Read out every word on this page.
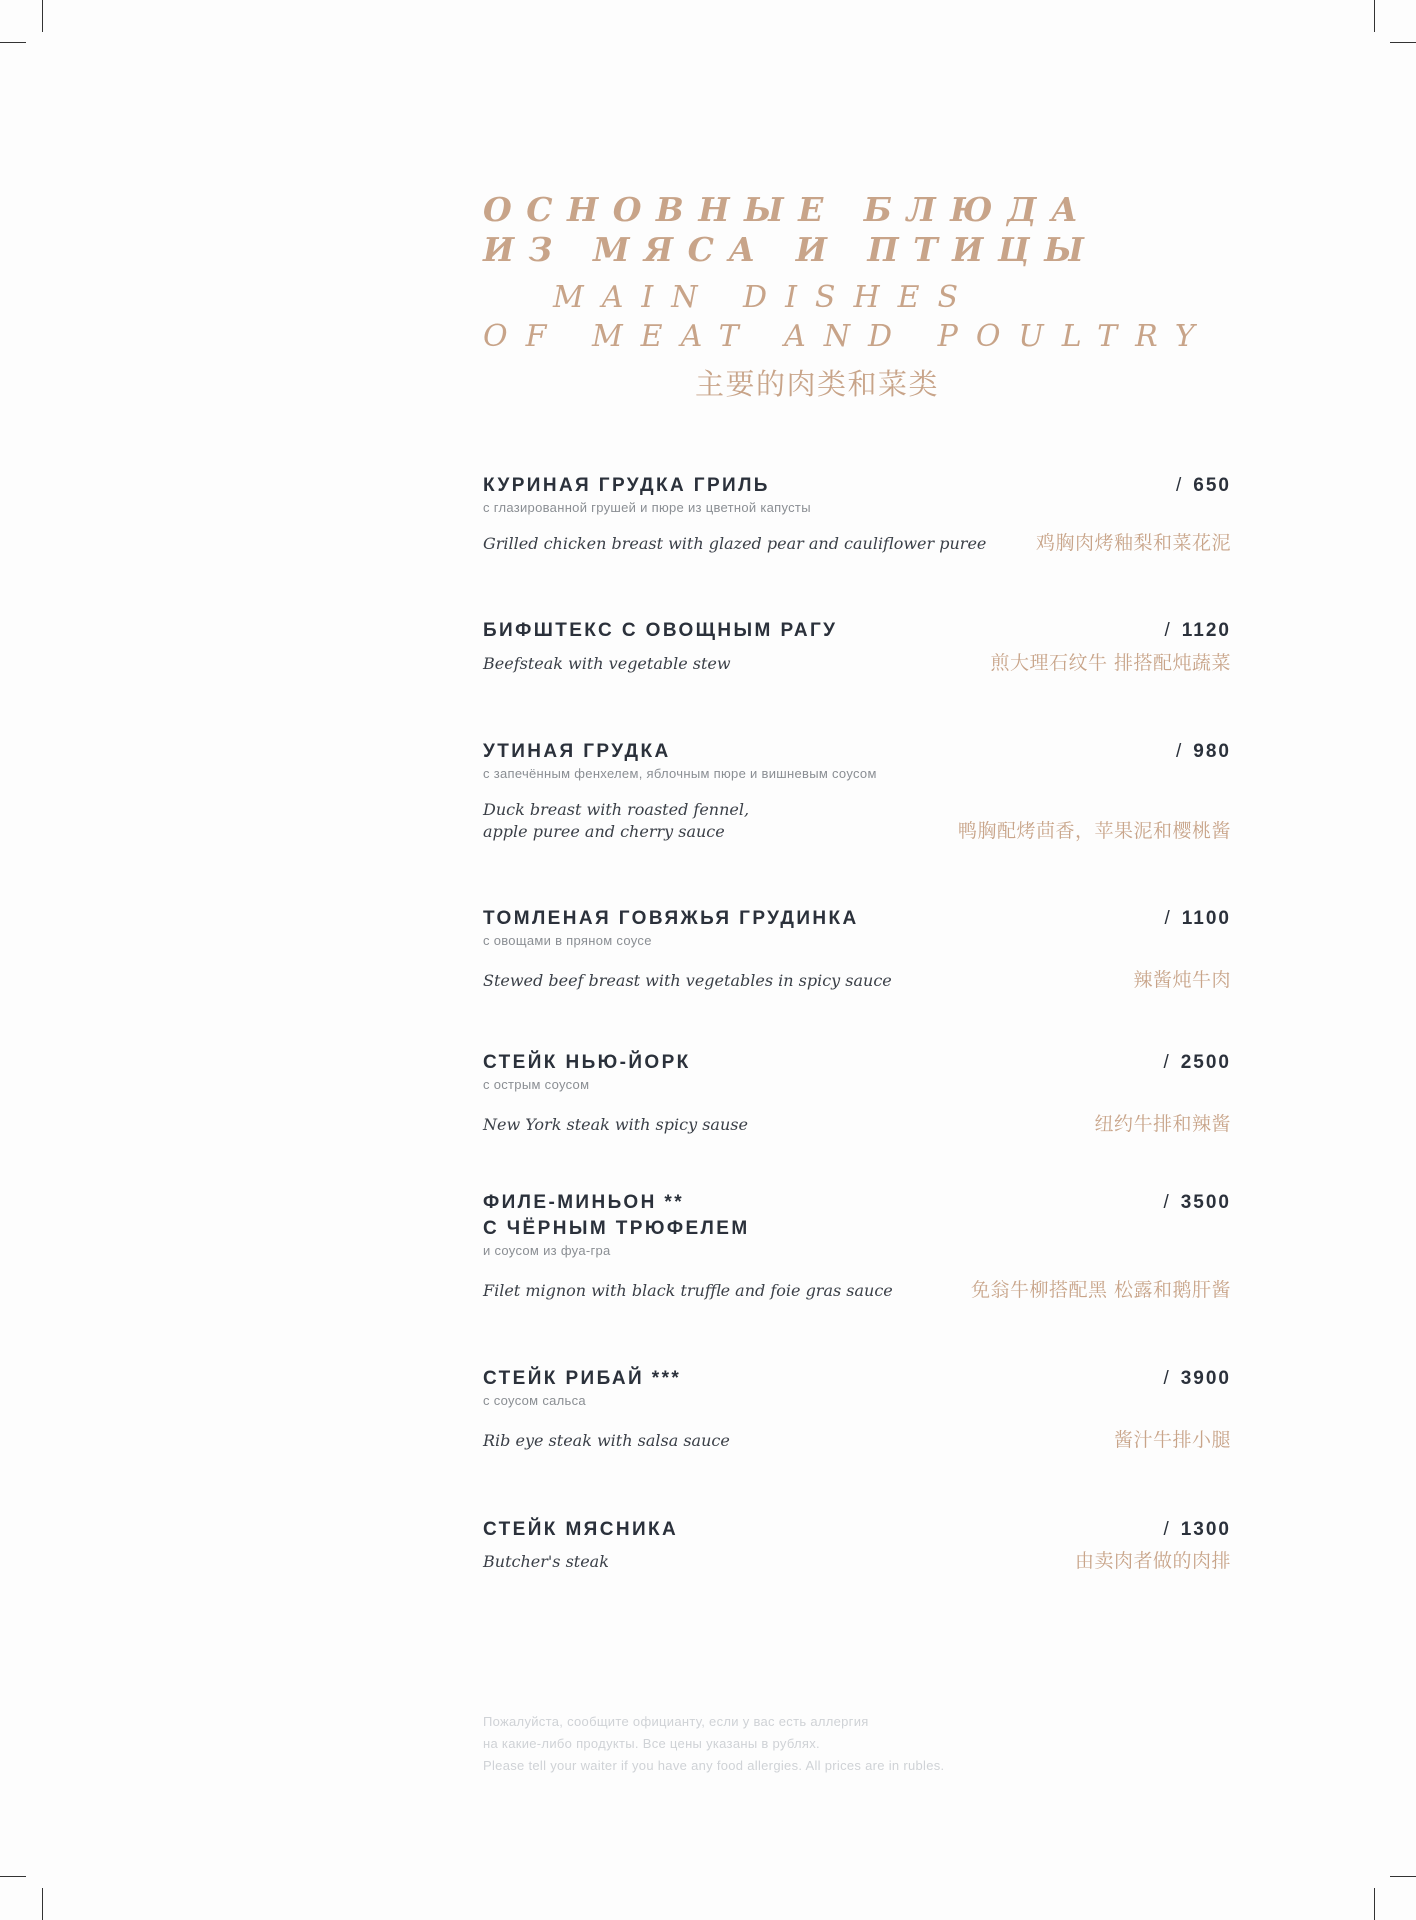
ОСНОВНЫЕ БЛЮДА
ИЗ МЯСА И ПТИЦЫ

MAIN DISHES
OF MEAT AND POULTRY

主要的肉类和菜类
КУРИНАЯ ГРУДКА ГРИЛЬ	/ 650
с глазированной грушей и пюре из цветной капусты
Grilled chicken breast with glazed pear and cauliflower puree	鸡胸肉烤釉梨和菜花泥
БИФШТЕКС С ОВОЩНЫМ РАГУ	/ 1120
Beefsteak with vegetable stew	煎大理石纹牛 排搭配炖蔬菜
УТИНАЯ ГРУДКА	/ 980
с запечённым фенхелем, яблочным пюре и вишневым соусом
Duck breast with roasted fennel,
apple puree and cherry sauce	鸭胸配烤茴香，苹果泥和樱桃酱
ТОМЛЕНАЯ ГОВЯЖЬЯ ГРУДИНКА	/ 1100
с овощами в пряном соусе
Stewed beef breast with vegetables in spicy sauce	辣酱炖牛肉
СТЕЙК НЬЮ-ЙОРК	/ 2500
с острым соусом
New York steak with spicy sause	纽约牛排和辣酱
ФИЛЕ-МИНЬОН **
С ЧЁРНЫМ ТРЮФЕЛЕМ
/ 3500
и соусом из фуа-гра
Filet mignon with black truffle and foie gras sauce	免翁牛柳搭配黑 松露和鹅肝酱
СТЕЙК РИБАЙ ***	/ 3900
с соусом сальса
Rib eye steak with salsa sauce	酱汁牛排小腿
СТЕЙК МЯСНИКА	/ 1300
Butcher's steak	由卖肉者做的肉排
Пожалуйста, сообщите официанту, если у вас есть аллергия
на какие-либо продукты. Все цены указаны в рублях.
Please tell your waiter if you have any food allergies. All prices are in rubles.
